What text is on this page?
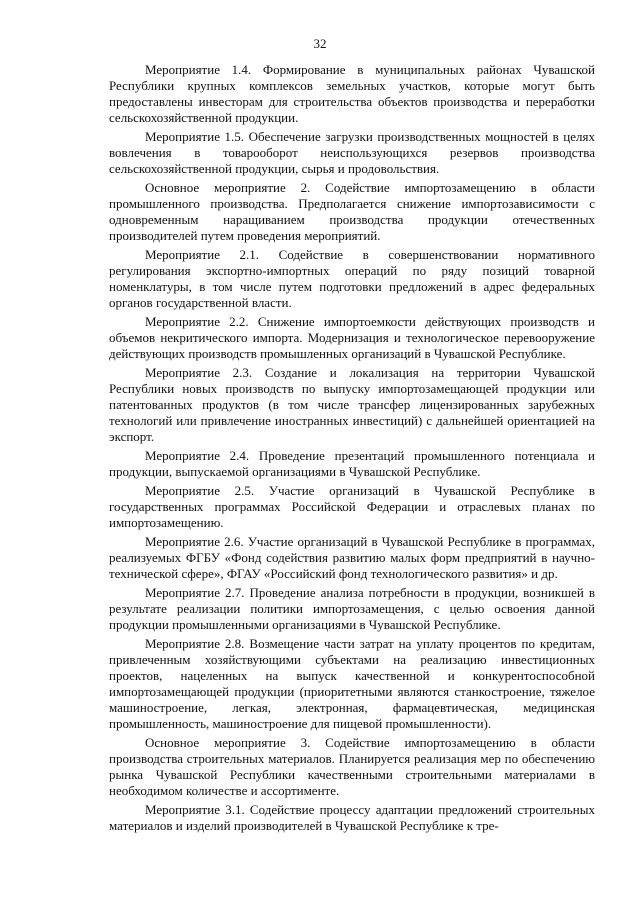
32

Мероприятие 1.4. Формирование в муниципальных районах Чувашской Республики крупных комплексов земельных участков, которые могут быть предоставлены инвесторам для строительства объектов производства и переработки сельскохозяйственной продукции.

Мероприятие 1.5. Обеспечение загрузки производственных мощностей в целях вовлечения в товарооборот неиспользующихся резервов производства сельскохозяйственной продукции, сырья и продовольствия.

Основное мероприятие 2. Содействие импортозамещению в области промышленного производства. Предполагается снижение импортозависимости с одновременным наращиванием производства продукции отечественных производителей путем проведения мероприятий.

Мероприятие 2.1. Содействие в совершенствовании нормативного регулирования экспортно-импортных операций по ряду позиций товарной номенклатуры, в том числе путем подготовки предложений в адрес федеральных органов государственной власти.

Мероприятие 2.2. Снижение импортоемкости действующих производств и объемов некритического импорта. Модернизация и технологическое перевооружение действующих производств промышленных организаций в Чувашской Республике.

Мероприятие 2.3. Создание и локализация на территории Чувашской Республики новых производств по выпуску импортозамещающей продукции или патентованных продуктов (в том числе трансфер лицензированных зарубежных технологий или привлечение иностранных инвестиций) с дальнейшей ориентацией на экспорт.

Мероприятие 2.4. Проведение презентаций промышленного потенциала и продукции, выпускаемой организациями в Чувашской Республике.

Мероприятие 2.5. Участие организаций в Чувашской Республике в государственных программах Российской Федерации и отраслевых планах по импортозамещению.

Мероприятие 2.6. Участие организаций в Чувашской Республике в программах, реализуемых ФГБУ «Фонд содействия развитию малых форм предприятий в научно-технической сфере», ФГАУ «Российский фонд технологического развития» и др.

Мероприятие 2.7. Проведение анализа потребности в продукции, возникшей в результате реализации политики импортозамещения, с целью освоения данной продукции промышленными организациями в Чувашской Республике.

Мероприятие 2.8. Возмещение части затрат на уплату процентов по кредитам, привлеченным хозяйствующими субъектами на реализацию инвестиционных проектов, нацеленных на выпуск качественной и конкурентоспособной импортозамещающей продукции (приоритетными являются станкостроение, тяжелое машиностроение, легкая, электронная, фармацевтическая, медицинская промышленность, машиностроение для пищевой промышленности).

Основное мероприятие 3. Содействие импортозамещению в области производства строительных материалов. Планируется реализация мер по обеспечению рынка Чувашской Республики качественными строительными материалами в необходимом количестве и ассортименте.

Мероприятие 3.1. Содействие процессу адаптации предложений строительных материалов и изделий производителей в Чувашской Республике к тре-
